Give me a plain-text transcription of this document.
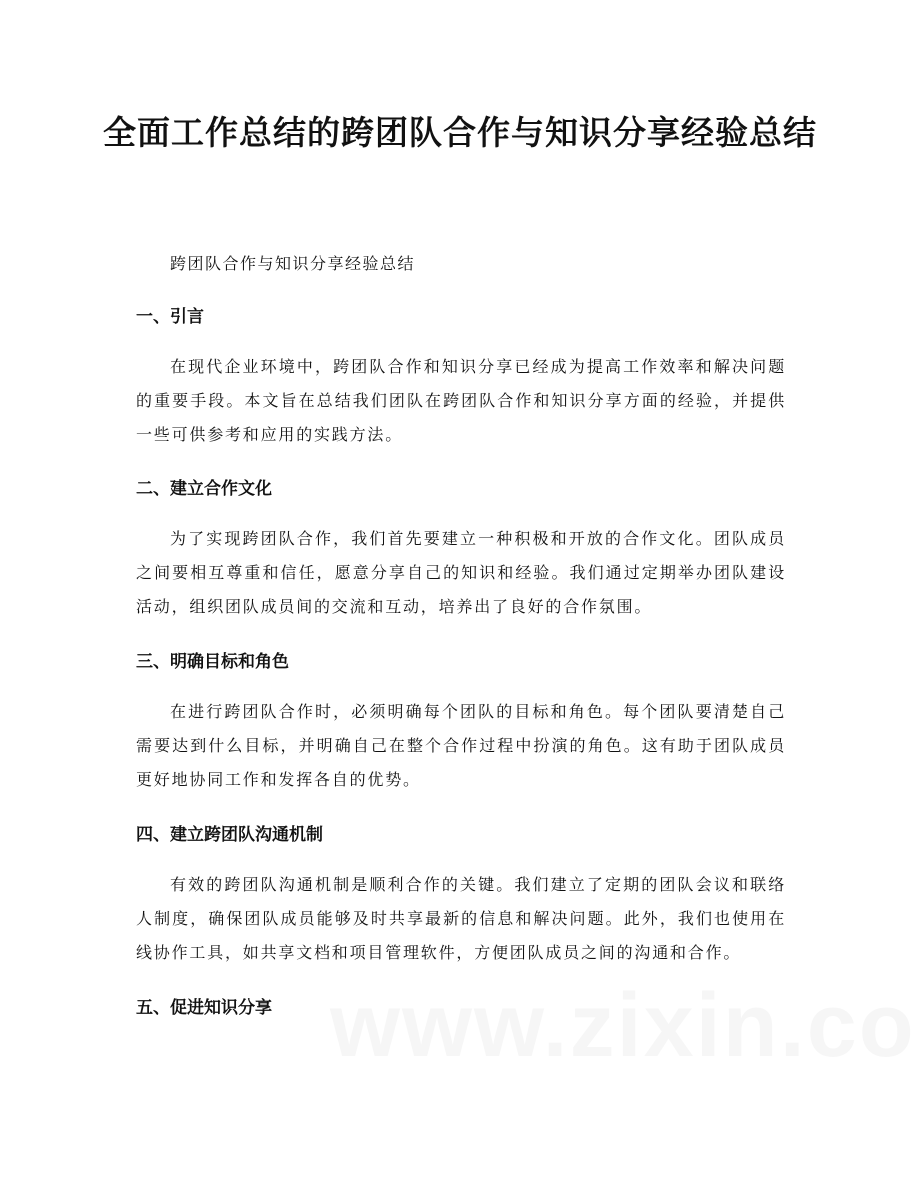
全面工作总结的跨团队合作与知识分享经验总结
跨团队合作与知识分享经验总结
一、引言
在现代企业环境中，跨团队合作和知识分享已经成为提高工作效率和解决问题的重要手段。本文旨在总结我们团队在跨团队合作和知识分享方面的经验，并提供一些可供参考和应用的实践方法。
二、建立合作文化
为了实现跨团队合作，我们首先要建立一种积极和开放的合作文化。团队成员之间要相互尊重和信任，愿意分享自己的知识和经验。我们通过定期举办团队建设活动，组织团队成员间的交流和互动，培养出了良好的合作氛围。
三、明确目标和角色
在进行跨团队合作时，必须明确每个团队的目标和角色。每个团队要清楚自己需要达到什么目标，并明确自己在整个合作过程中扮演的角色。这有助于团队成员更好地协同工作和发挥各自的优势。
四、建立跨团队沟通机制
有效的跨团队沟通机制是顺利合作的关键。我们建立了定期的团队会议和联络人制度，确保团队成员能够及时共享最新的信息和解决问题。此外，我们也使用在线协作工具，如共享文档和项目管理软件，方便团队成员之间的沟通和合作。
五、促进知识分享
